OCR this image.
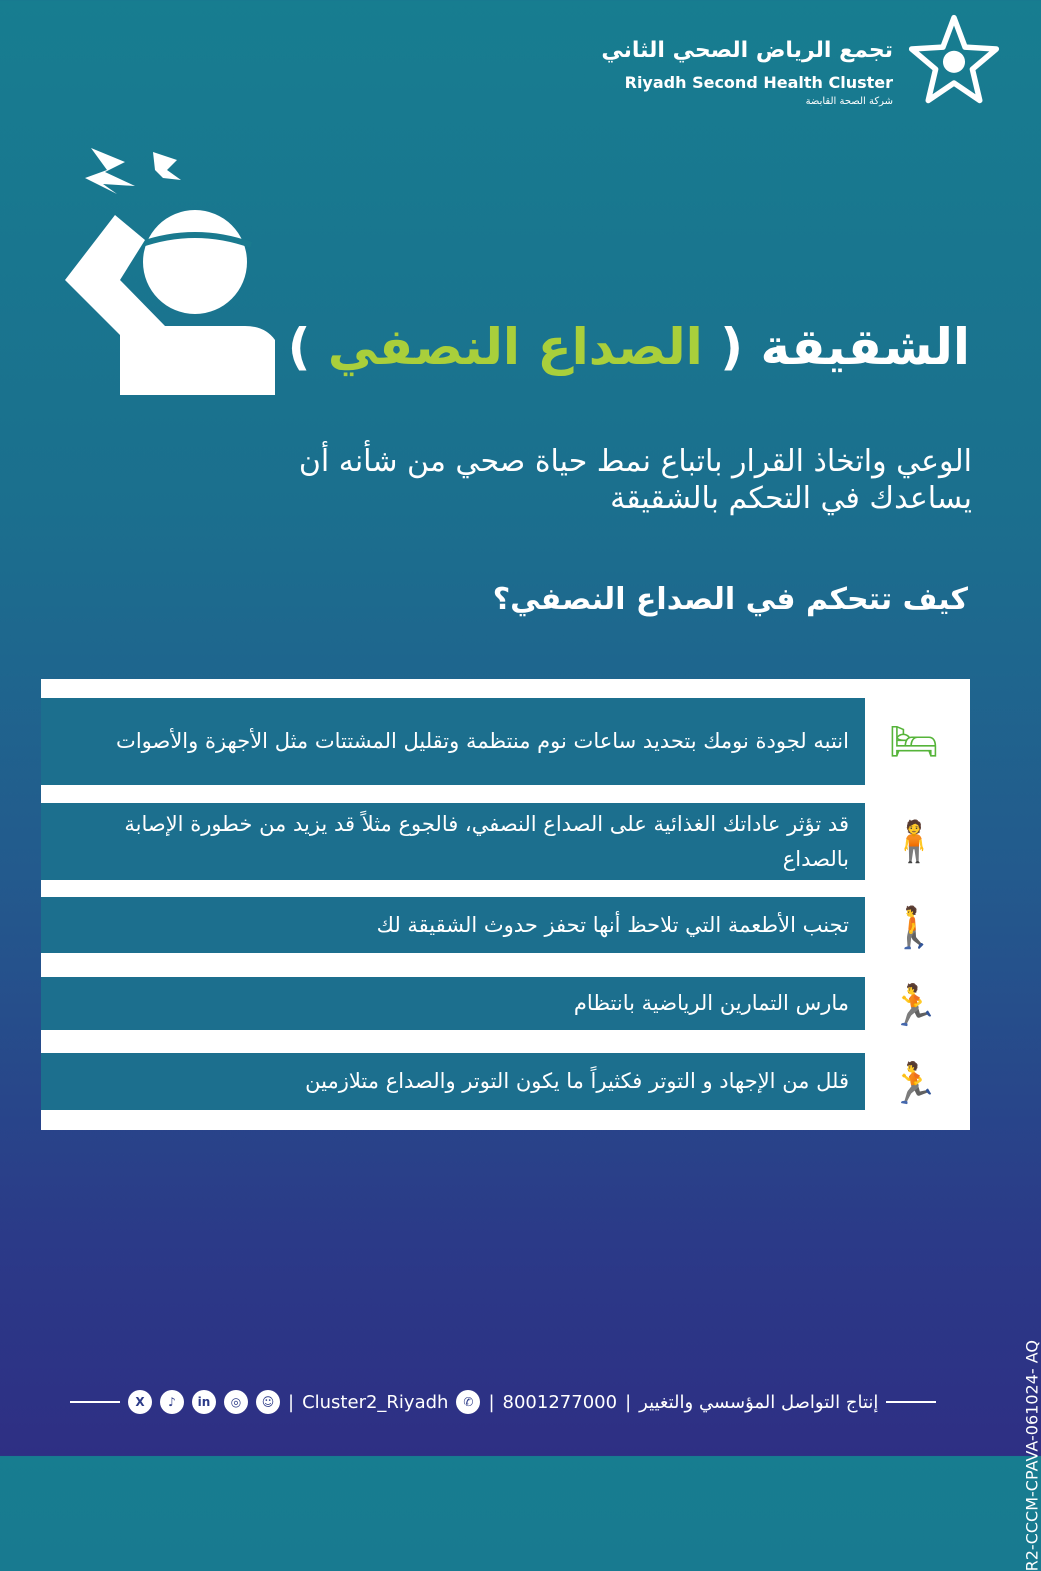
تجمع الرياض الصحي الثاني
Riyadh Second Health Cluster
شركة الصحة القابضة
الشقيقة ( الصداع النصفي )
الوعي واتخاذ القرار باتباع نمط حياة صحي من شأنه أن يساعدك في التحكم بالشقيقة
كيف تتحكم في الصداع النصفي؟
انتبه لجودة نومك بتحديد ساعات نوم منتظمة وتقليل المشتتات مثل الأجهزة والأصوات 🛏
قد تؤثر عاداتك الغذائية على الصداع النصفي، فالجوع مثلاً قد يزيد من خطورة الإصابة بالصداع 🧍
تجنب الأطعمة التي تلاحظ أنها تحفز حدوث الشقيقة لك 🚶
مارس التمارين الرياضية بانتظام 🏃
قلل من الإجهاد و التوتر فكثيراً ما يكون التوتر والصداع متلازمين 🏃
R2-CCCM-CPAVA-061024- AQ
X	♪	in	◎	☺ | Cluster2_Riyadh	✆ | 8001277000 | إنتاج التواصل المؤسسي والتغيير
